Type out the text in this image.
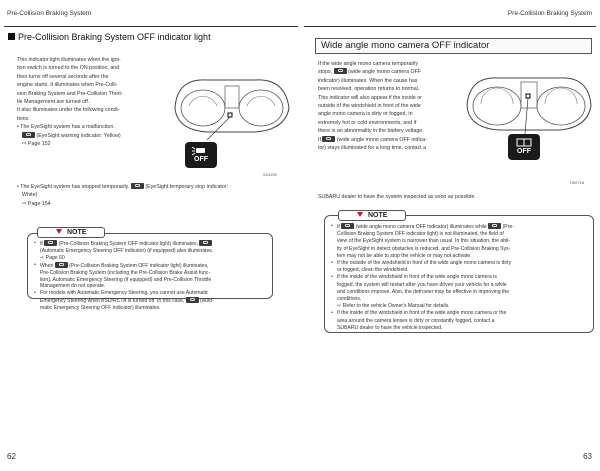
Pre-Collision Braking System	Pre-Collision Braking System
Pre-Collision Braking System OFF indicator light

This indicator light illuminates when the igni-

tion switch is turned to the ON position, and

then turns off several seconds after the

engine starts. It illuminates when Pre-Colli-

sion Braking System and Pre-Collision Throt-

tle Management are turned off.

It also illuminates under the following condi-

tions.

• The EyeSight system has a malfunction.

(EyeSight warning indicator: Yellow)

⇨ Page 152

• The EyeSight system has stopped temporarily.	(EyeSight temporary stop indicator:

White)

⇨ Page 154

OFF
S04150
• If	(Pre-Collision Braking System OFF indicator light) illuminates,
(Automatic Emergency Steering OFF indicator) (if equipped) also illuminates.
⇨ Page 60
• When	(Pre-Collision Braking System OFF indicator light) illuminates,
Pre-Collision Braking System (including the Pre-Collision Brake Assist func-
tion), Automatic Emergency Steering (if equipped) and Pre-Collision Throttle
Management do not operate.
• For models with Automatic Emergency Steering, you cannot use Automatic
Emergency Steering when BSD/RCTA is turned off. In this case,	(Auto-
matic Emergency Steering OFF indicator) illuminates.
NOTE
62
Wide angle mono camera OFF indicator

If the wide angle mono camera temporarily

stops,	(wide angle mono camera OFF

indicator) illuminates. When the cause has

been resolved, operation returns to normal.

This indicator will also appear if the inside or

outside of the windshield in front of the wide

angle mono camera is dirty or fogged, in

extremely hot or cold environments, and if

there is an abnormality in the battery voltage.

If	(wide angle mono camera OFF indica-

tor) stays illuminated for a long time, contact a

SUBARU dealer to have the system inspected as soon as possible.
OFF
H00718
• If	(wide angle mono camera OFF indicator) illuminates while	(Pre-
Collision Braking System OFF indicator light) is not illuminated, the field of
view of the EyeSight system is narrower than usual. In this situation, the abil-
ity of EyeSight to detect obstacles is reduced, and Pre-Collision Braking Sys-
tem may not be able to stop the vehicle or may not activate.
• If the outside of the windshield in front of the wide angle mono camera is dirty
or fogged, clean the windshield.
• If the inside of the windshield in front of the wide angle mono camera is
fogged, the system will restart after you have driven your vehicle for a while
and conditions improve. Also, the defroster may be effective in improving the
conditions.
⇨ Refer to the vehicle Owner's Manual for details.
• If the inside of the windshield in front of the wide angle mono camera or the
area around the camera lenses is dirty or constantly fogged, contact a
SUBARU dealer to have the vehicle inspected.
NOTE
63
